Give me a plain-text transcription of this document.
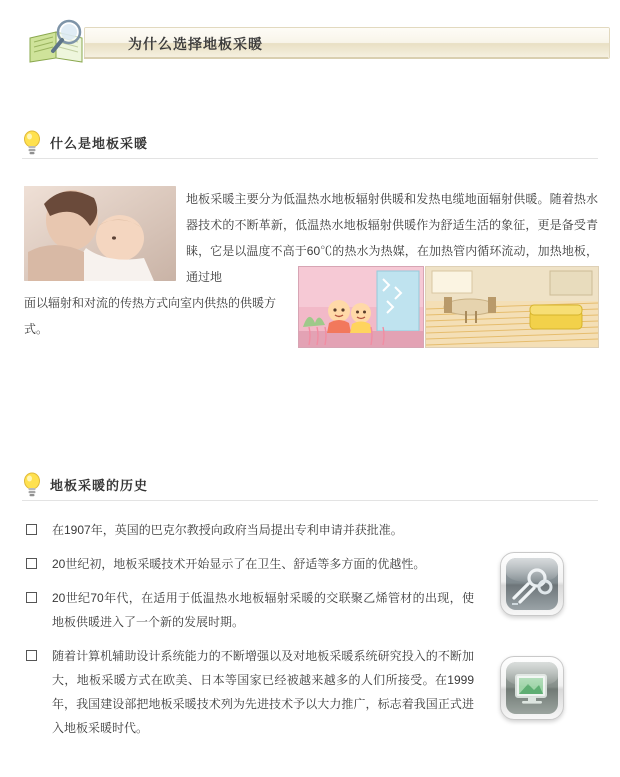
为什么选择地板采暖
什么是地板采暖
地板采暖主要分为低温热水地板辐射供暖和发热电缆地面辐射供暖。随着热水器技术的不断革新，低温热水地板辐射供暖作为舒适生活的象征，更是备受青睐，它是以温度不高于60℃的热水为热媒，在加热管内循环流动，加热地板，通过地
面以辐射和对流的传热方式向室内供热的供暖方式。
地板采暖的历史
在1907年，英国的巴克尔教授向政府当局提出专利申请并获批准。
20世纪初，地板采暖技术开始显示了在卫生、舒适等多方面的优越性。
20世纪70年代，在适用于低温热水地板辐射采暖的交联聚乙烯管材的出现，使地板供暖进入了一个新的发展时期。
随着计算机辅助设计系统能力的不断增强以及对地板采暖系统研究投入的不断加大，地板采暖方式在欧美、日本等国家已经被越来越多的人们所接受。在1999年，我国建设部把地板采暖技术列为先进技术予以大力推广，标志着我国正式进入地板采暖时代。
